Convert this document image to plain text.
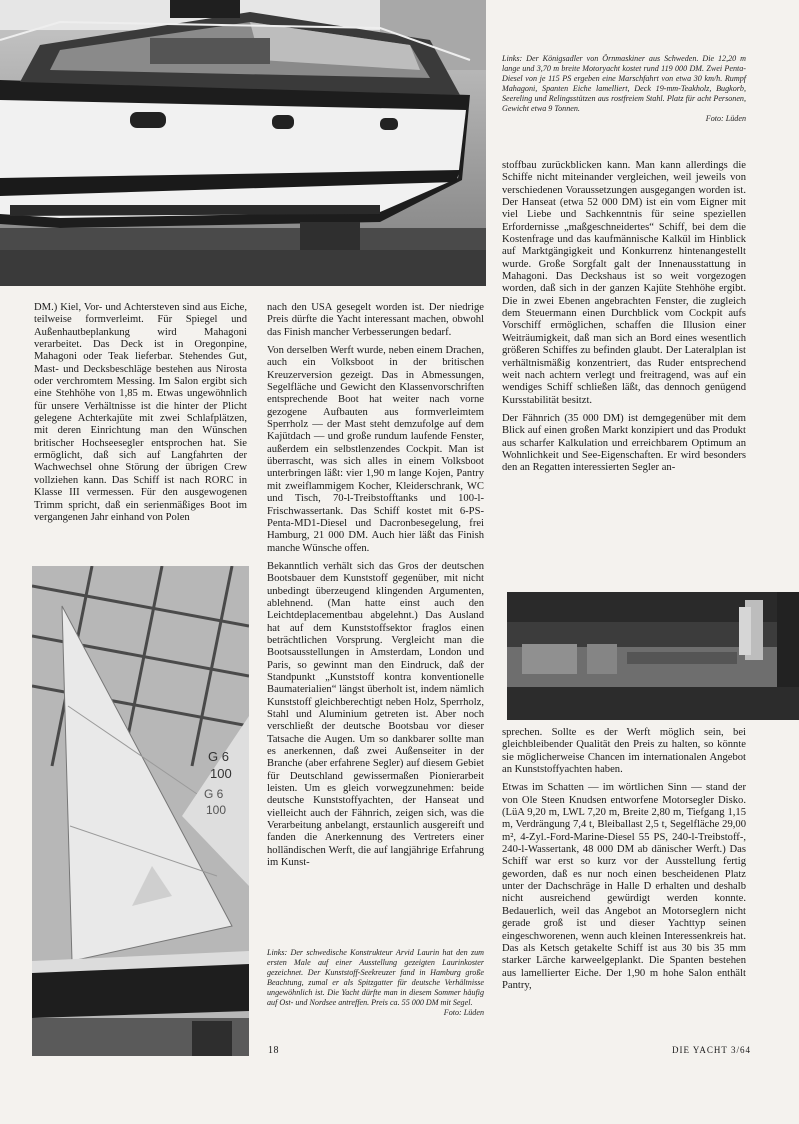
Links: Der Königsadler von Örnmaskiner aus Schweden. Die 12,20 m lange und 3,70 m breite Motoryacht kostet rund 119 000 DM. Zwei Penta-Diesel von je 115 PS ergeben eine Marschfahrt von etwa 30 km/h. Rumpf Mahagoni, Spanten Eiche lamelliert, Deck 19-mm-Teakholz, Bugkorb, Seereling und Relingsstützen aus rostfreiem Stahl. Platz für acht Personen, Gewicht etwa 9 Tonnen.
Foto: Lüden

DM.) Kiel, Vor- und Achtersteven sind aus Eiche, teilweise formverleimt. Für Spiegel und Außenhautbeplankung wird Mahagoni verarbeitet. Das Deck ist in Oregonpine, Mahagoni oder Teak lieferbar. Stehendes Gut, Mast- und Decksbeschläge bestehen aus Nirosta oder verchromtem Messing. Im Salon ergibt sich eine Stehhöhe von 1,85 m. Etwas ungewöhnlich für unsere Verhältnisse ist die hinter der Plicht gelegene Achterkajüte mit zwei Schlafplätzen, mit deren Einrichtung man den Wünschen britischer Hochseesegler entsprochen hat. Sie ermöglicht, daß sich auf Langfahrten der Wachwechsel ohne Störung der übrigen Crew vollziehen kann. Das Schiff ist nach RORC in Klasse III vermessen. Für den ausgewogenen Trimm spricht, daß ein serienmäßiges Boot im vergangenen Jahr einhand von Polen

G 6
100
G 6
100

nach den USA gesegelt worden ist. Der niedrige Preis dürfte die Yacht interessant machen, obwohl das Finish mancher Verbesserungen bedarf.

Von derselben Werft wurde, neben einem Drachen, auch ein Volksboot in der britischen Kreuzerversion gezeigt. Das in Abmessungen, Segelfläche und Gewicht den Klassenvorschriften entsprechende Boot hat weiter nach vorne gezogene Aufbauten aus formverleimtem Sperrholz — der Mast steht demzufolge auf dem Kajütdach — und große rundum laufende Fenster, außerdem ein selbstlenzendes Cockpit. Man ist überrascht, was sich alles in einem Volksboot unterbringen läßt: vier 1,90 m lange Kojen, Pantry mit zweiflammigem Kocher, Kleiderschrank, WC und Tisch, 70-l-Treibstofftanks und 100-l-Frischwassertank. Das Schiff kostet mit 6-PS-Penta-MD1-Diesel und Dacronbesegelung, frei Hamburg, 21 000 DM. Auch hier läßt das Finish manche Wünsche offen.

Bekanntlich verhält sich das Gros der deutschen Bootsbauer dem Kunststoff gegenüber, mit nicht unbedingt überzeugend klingenden Argumenten, ablehnend. (Man hatte einst auch den Leichtdeplacementbau abgelehnt.) Das Ausland hat auf dem Kunststoffsektor fraglos einen beträchtlichen Vorsprung. Vergleicht man die Bootsausstellungen in Amsterdam, London und Paris, so gewinnt man den Eindruck, daß der Standpunkt „Kunststoff kontra konventionelle Baumaterialien“ längst überholt ist, indem nämlich Kunststoff gleichberechtigt neben Holz, Sperrholz, Stahl und Aluminium getreten ist. Aber noch verschließt der deutsche Bootsbau vor dieser Tatsache die Augen. Um so dankbarer sollte man es anerkennen, daß zwei Außenseiter in der Branche (aber erfahrene Segler) auf diesem Gebiet für Deutschland gewissermaßen Pionierarbeit leisten. Um es gleich vorwegzunehmen: beide deutsche Kunststoffyachten, der Hanseat und vielleicht auch der Fähnrich, zeigen sich, was die Verarbeitung anbelangt, erstaunlich ausgereift und fanden die Anerkennung des Vertreters einer holländischen Werft, die auf langjährige Erfahrung im Kunst-

Links: Der schwedische Konstrukteur Arvid Laurin hat den zum ersten Male auf einer Ausstellung gezeigten Laurinkoster gezeichnet. Der Kunststoff-Seekreuzer fand in Hamburg große Beachtung, zumal er als Spitzgatter für deutsche Verhältnisse ungewöhnlich ist. Die Yacht dürfte man in diesem Sommer häufig auf Ost- und Nordsee antreffen. Preis ca. 55 000 DM mit Segel.
Foto: Lüden

stoffbau zurückblicken kann. Man kann allerdings die Schiffe nicht miteinander vergleichen, weil jeweils von verschiedenen Voraussetzungen ausgegangen worden ist. Der Hanseat (etwa 52 000 DM) ist ein vom Eigner mit viel Liebe und Sachkenntnis für seine speziellen Erfordernisse „maßgeschneidertes“ Schiff, bei dem die Kostenfrage und das kaufmännische Kalkül im Hinblick auf Marktgängigkeit und Konkurrenz hintenangestellt wurde. Große Sorgfalt galt der Innenausstattung in Mahagoni. Das Deckshaus ist so weit vorgezogen worden, daß sich in der ganzen Kajüte Stehhöhe ergibt. Die in zwei Ebenen angebrachten Fenster, die zugleich dem Steuermann einen Durchblick vom Cockpit aufs Vorschiff ermöglichen, schaffen die Illusion einer Weiträumigkeit, daß man sich an Bord eines wesentlich größeren Schiffes zu befinden glaubt. Der Lateralplan ist verhältnismäßig konzentriert, das Ruder entsprechend weit nach achtern verlegt und freitragend, was auf ein wendiges Schiff schließen läßt, das dennoch genügend Kursstabilität besitzt.

Der Fähnrich (35 000 DM) ist demgegenüber mit dem Blick auf einen großen Markt konzipiert und das Produkt aus scharfer Kalkulation und erreichbarem Optimum an Wohnlichkeit und See-Eigenschaften. Er wird besonders den an Regatten interessierten Segler an-

sprechen. Sollte es der Werft möglich sein, bei gleichbleibender Qualität den Preis zu halten, so könnte sie möglicherweise Chancen im internationalen Angebot an Kunststoffyachten haben.

Etwas im Schatten — im wörtlichen Sinn — stand der von Ole Steen Knudsen entworfene Motorsegler Disko. (LüA 9,20 m, LWL 7,20 m, Breite 2,80 m, Tiefgang 1,15 m, Verdrängung 7,4 t, Bleiballast 2,5 t, Segelfläche 29,00 m², 4-Zyl.-Ford-Marine-Diesel 55 PS, 240-l-Treibstoff-, 240-l-Wassertank, 48 000 DM ab dänischer Werft.) Das Schiff war erst so kurz vor der Ausstellung fertig geworden, daß es nur noch einen bescheidenen Platz unter der Dachschräge in Halle D erhalten und deshalb nicht ausreichend gewürdigt werden konnte. Bedauerlich, weil das Angebot an Motorseglern nicht gerade groß ist und dieser Yachttyp seinen eingeschworenen, wenn auch kleinen Interessenkreis hat. Das als Ketsch getakelte Schiff ist aus 30 bis 35 mm starker Lärche karweelgeplankt. Die Spanten bestehen aus lamellierter Eiche. Der 1,90 m hohe Salon enthält Pantry,

18	DIE YACHT 3/64
